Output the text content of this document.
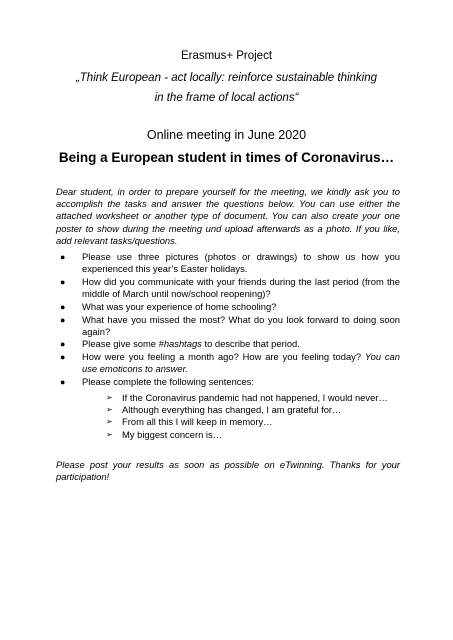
Erasmus+ Project
„Think European - act locally: reinforce sustainable thinking
in the frame of local actions“
Online meeting in June 2020
Being a European student in times of Coronavirus…

Dear student, in order to prepare yourself for the meeting, we kindly ask you to accomplish the tasks and answer the questions below. You can use either the attached worksheet or another type of document. You can also create your one poster to show during the meeting und upload afterwards as a photo. If you like, add relevant tasks/questions.

● Please use three pictures (photos or drawings) to show us how you experienced this year’s Easter holidays.
● How did you communicate with your friends during the last period (from the middle of March until now/school reopening)?
● What was your experience of home schooling?
● What have you missed the most? What do you look forward to doing soon again?
● Please give some #hashtags to describe that period.
● How were you feeling a month ago? How are you feeling today? You can use emoticons to answer.
● Please complete the following sentences:
➢ If the Coronavirus pandemic had not happened, I would never…
➢ Although everything has changed, I am grateful for…
➢ From all this I will keep in memory…
➢ My biggest concern is…

Please post your results as soon as possible on eTwinning. Thanks for your participation!
